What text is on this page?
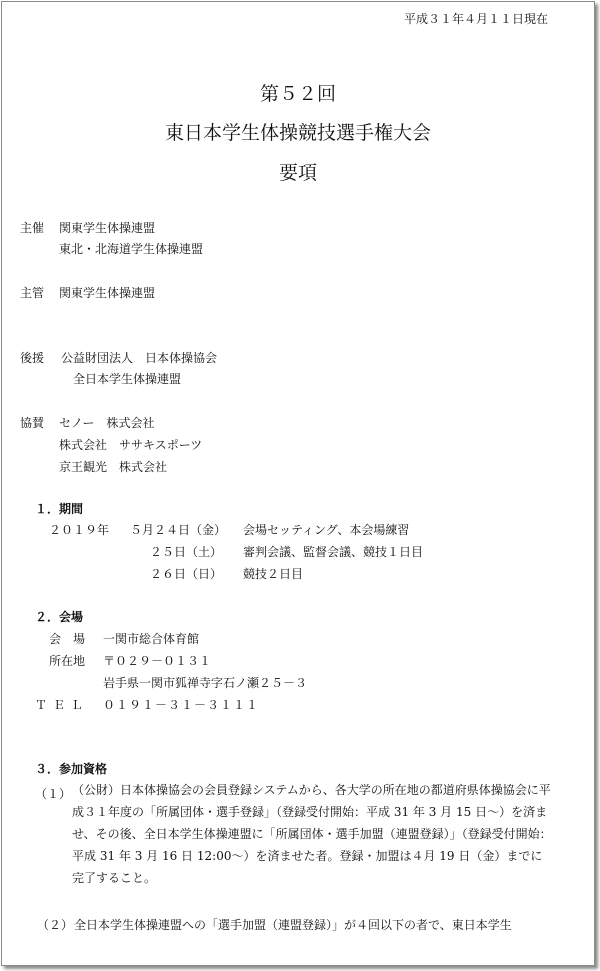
平成３１年４月１１日現在
第５２回
東日本学生体操競技選手権大会
要項
主催 関東学生体操連盟
東北・北海道学生体操連盟
主管 関東学生体操連盟
後援 公益財団法人　日本体操協会
全日本学生体操連盟
協賛 セノー　株式会社
株式会社　ササキスポーツ
京王観光　株式会社
１．期間
２０１９年 ５月２４日（金） 会場セッティング、本会場練習
２５日（土） 審判会議、監督会議、競技１日目
２６日（日） 競技２日目
２．会場
会　場 一関市総合体育館
所在地 〒０２９－０１３１
岩手県一関市狐禅寺字石ノ瀬２５－３
ＴＥＬ ０１９１－３１－３１１１
３．参加資格
（１） （公財）日本体操協会の会員登録システムから、各大学の所在地の都道府県体操協会に平成３１年度の「所属団体・選手登録」（登録受付開始：平成 31 年 3 月 15 日〜）を済ませ、その後、全日本学生体操連盟に「所属団体・選手加盟（連盟登録）」（登録受付開始：平成 31 年 3 月 16 日 12:00〜）を済ませた者。登録・加盟は４月 19 日（金）までに完了すること。
（２） 全日本学生体操連盟への「選手加盟（連盟登録）」が４回以下の者で、東日本学生
